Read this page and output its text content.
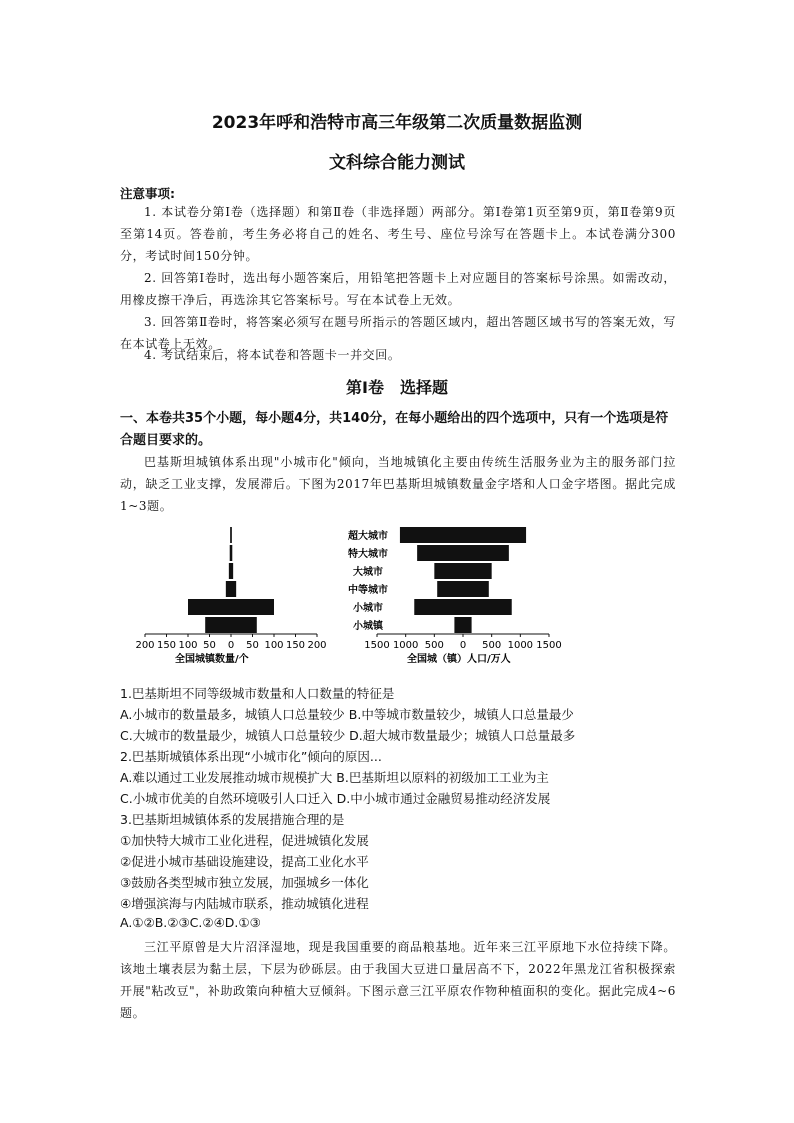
2023年呼和浩特市高三年级第二次质量数据监测
文科综合能力测试
注意事项:
1. 本试卷分第Ⅰ卷（选择题）和第Ⅱ卷（非选择题）两部分。第Ⅰ卷第1页至第9页，第Ⅱ卷第9页至第14页。答卷前，考生务必将自己的姓名、考生号、座位号涂写在答题卡上。本试卷满分300分，考试时间150分钟。
2. 回答第Ⅰ卷时，选出每小题答案后，用铅笔把答题卡上对应题目的答案标号涂黑。如需改动，用橡皮擦干净后，再选涂其它答案标号。写在本试卷上无效。
3. 回答第Ⅱ卷时，将答案必须写在题号所指示的答题区域内，超出答题区域书写的答案无效，写在本试卷上无效。
4. 考试结束后，将本试卷和答题卡一并交回。
第Ⅰ卷　选择题
一、本卷共35个小题，每小题4分，共140分，在每小题给出的四个选项中，只有一个选项是符合题目要求的。
巴基斯坦城镇体系出现"小城市化"倾向，当地城镇化主要由传统生活服务业为主的服务部门拉动，缺乏工业支撑，发展滞后。下图为2017年巴基斯坦城镇数量金字塔和人口金字塔图。据此完成1~3题。
200 150 100 50 0 50 100 150 200
全国城镇数量/个
1500 1000 500 0 500 1000 1500
全国城（镇）人口/万人
超大城市
特大城市
大城市
中等城市
小城市
小城镇
1.巴基斯坦不同等级城市数量和人口数量的特征是
A.小城市的数量最多，城镇人口总量较少 B.中等城市数量较少，城镇人口总量最少
C.大城市的数量最少，城镇人口总量较少 D.超大城市数量最少；城镇人口总量最多
2.巴基斯城镇体系出现“小城市化”倾向的原因...
A.难以通过工业发展推动城市规模扩大 B.巴基斯坦以原料的初级加工工业为主
C.小城市优美的自然环境吸引人口迁入 D.中小城市通过金融贸易推动经济发展
3.巴基斯坦城镇体系的发展措施合理的是
①加快特大城市工业化进程，促进城镇化发展
②促进小城市基础设施建设，提高工业化水平
③鼓励各类型城市独立发展，加强城乡一体化
④增强滨海与内陆城市联系，推动城镇化进程
A.①②B.②③C.②④D.①③
三江平原曾是大片沼泽湿地，现是我国重要的商品粮基地。近年来三江平原地下水位持续下降。该地土壤表层为黏土层，下层为砂砾层。由于我国大豆进口量居高不下，2022年黑龙江省积极探索开展"粘改豆"，补助政策向种植大豆倾斜。下图示意三江平原农作物种植面积的变化。据此完成4~6题。
